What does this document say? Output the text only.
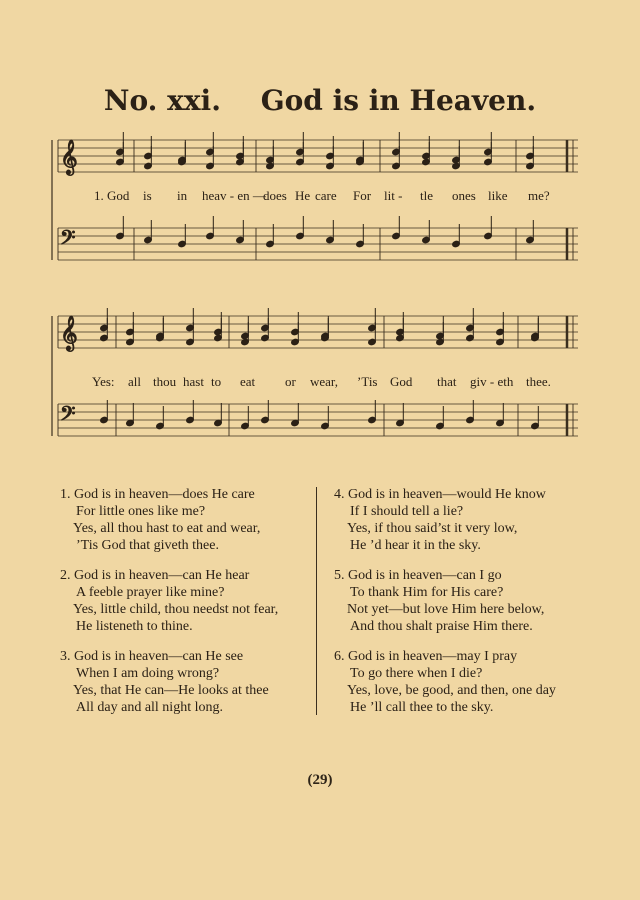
No. xxi. God is in Heaven.
𝄞
𝄢
𝄞
𝄢
1. God is in heav - en —
does He care For lit - tle ones like me?
Yes: all thou hast to eat or wear, ’Tis God that giv - eth thee.
1. God is in heaven—does He care
For little ones like me?
Yes, all thou hast to eat and wear,
’Tis God that giveth thee.
2. God is in heaven—can He hear
A feeble prayer like mine?
Yes, little child, thou needst not fear,
He listeneth to thine.
3. God is in heaven—can He see
When I am doing wrong?
Yes, that He can—He looks at thee
All day and all night long.
4. God is in heaven—would He know
If I should tell a lie?
Yes, if thou said’st it very low,
He ’d hear it in the sky.
5. God is in heaven—can I go
To thank Him for His care?
Not yet—but love Him here below,
And thou shalt praise Him there.
6. God is in heaven—may I pray
To go there when I die?
Yes, love, be good, and then, one day
He ’ll call thee to the sky.
(29)
